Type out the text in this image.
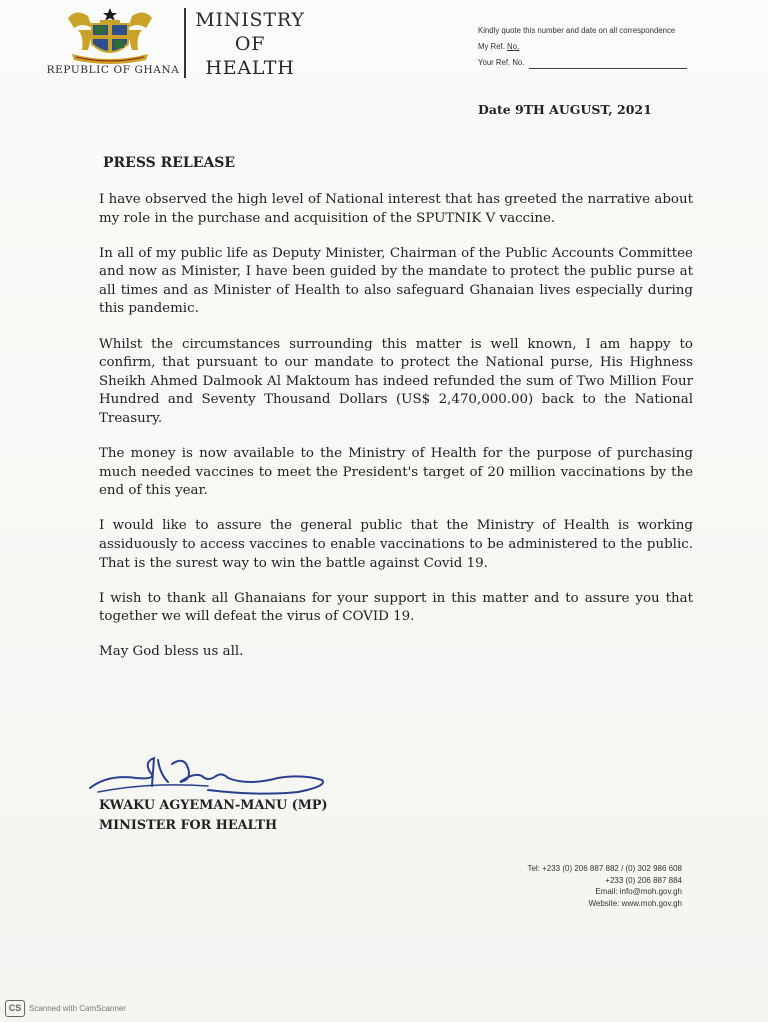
REPUBLIC OF GHANA
MINISTRY
OF
HEALTH
Kindly quote this number and date on all correspondence
My Ref. No.
Your Ref. No.
Date 9TH AUGUST, 2021
PRESS RELEASE

I have observed the high level of National interest that has greeted the narrative about my role in the purchase and acquisition of the SPUTNIK V vaccine.

In all of my public life as Deputy Minister, Chairman of the Public Accounts Committee and now as Minister, I have been guided by the mandate to protect the public purse at all times and as Minister of Health to also safeguard Ghanaian lives especially during this pandemic.

Whilst the circumstances surrounding this matter is well known, I am happy to confirm, that pursuant to our mandate to protect the National purse, His Highness Sheikh Ahmed Dalmook Al Maktoum has indeed refunded the sum of Two Million Four Hundred and Seventy Thousand Dollars (US$ 2,470,000.00) back to the National Treasury.

The money is now available to the Ministry of Health for the purpose of purchasing much needed vaccines to meet the President's target of 20 million vaccinations by the end of this year.

I would like to assure the general public that the Ministry of Health is working assiduously to access vaccines to enable vaccinations to be administered to the public. That is the surest way to win the battle against Covid 19.

I wish to thank all Ghanaians for your support in this matter and to assure you that together we will defeat the virus of COVID 19.

May God bless us all.

KWAKU AGYEMAN-MANU (MP)
MINISTER FOR HEALTH
Tel: +233 (0) 206 887 882 / (0) 302 986 608
+233 (0) 206 887 884
Email: info@moh.gov.gh
Website: www.moh.gov.gh
CS Scanned with CamScanner
